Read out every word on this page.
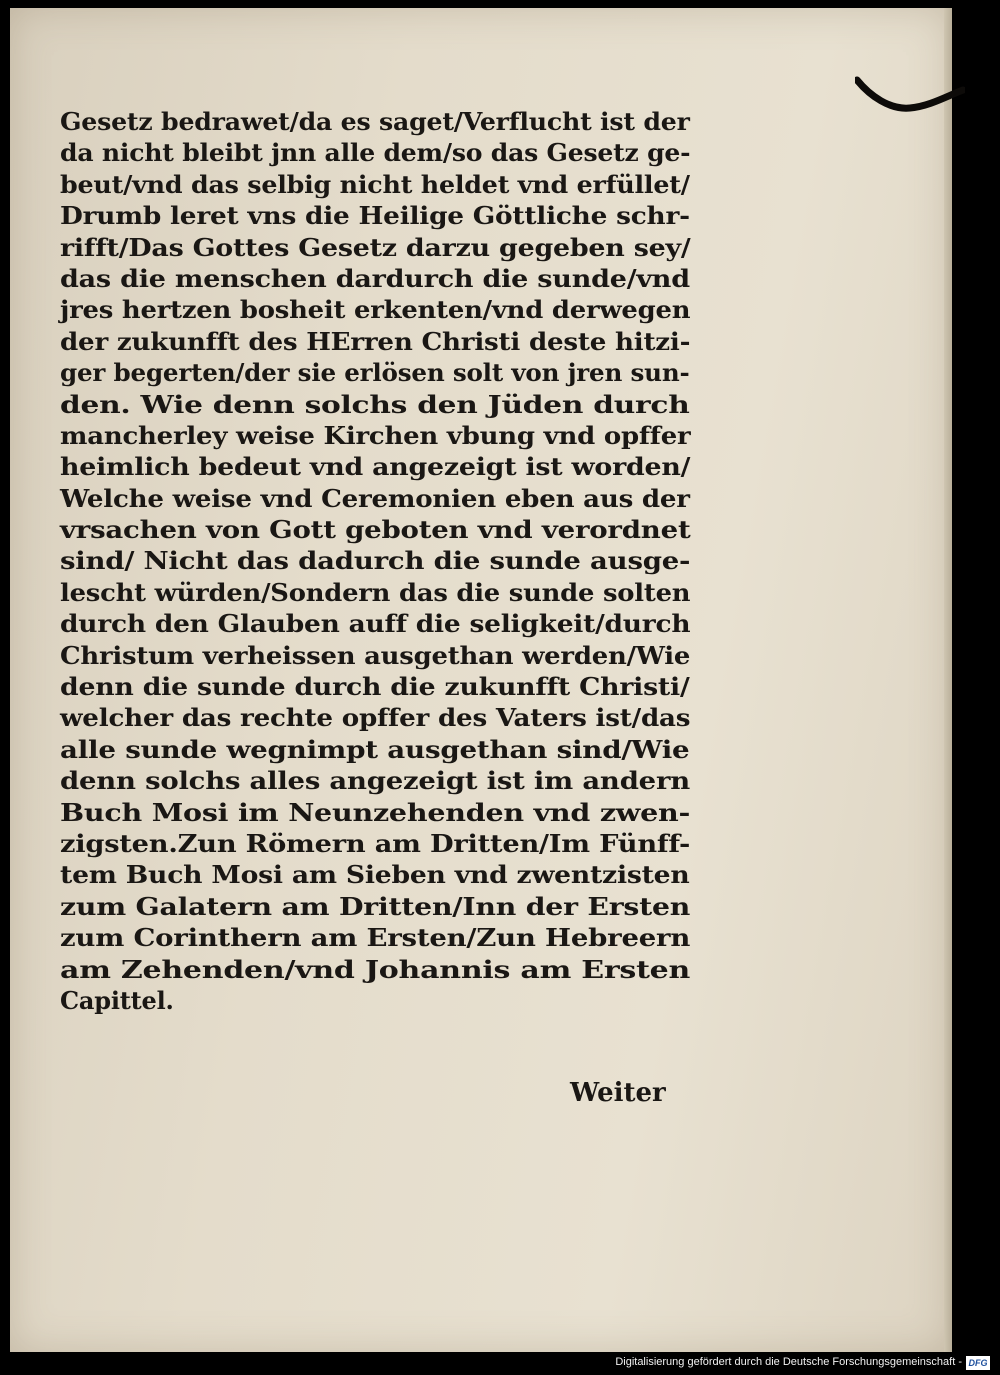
Gesetz bedrawet/da es saget/Verflucht ist der
da nicht bleibt jnn alle dem/so das Gesetz ge-
beut/vnd das selbig nicht heldet vnd erfüllet/
Drumb leret vns die Heilige Göttliche schr-
rifft/Das Gottes Gesetz darzu gegeben sey/
das die menschen dardurch die sunde/vnd
jres hertzen bosheit erkenten/vnd derwegen
der zukunfft des HErren Christi deste hitzi-
ger begerten/der sie erlösen solt von jren sun-
den. Wie denn solchs den Jüden durch
mancherley weise Kirchen vbung vnd opffer
heimlich bedeut vnd angezeigt ist worden/
Welche weise vnd Ceremonien eben aus der
vrsachen von Gott geboten vnd verordnet
sind/ Nicht das dadurch die sunde ausge-
lescht würden/Sondern das die sunde solten
durch den Glauben auff die seligkeit/durch
Christum verheissen ausgethan werden/Wie
denn die sunde durch die zukunfft Christi/
welcher das rechte opffer des Vaters ist/das
alle sunde wegnimpt ausgethan sind/Wie
denn solchs alles angezeigt ist im andern
Buch Mosi im Neunzehenden vnd zwen-
zigsten.Zun Römern am Dritten/Im Fünff-
tem Buch Mosi am Sieben vnd zwentzisten
zum Galatern am Dritten/Inn der Ersten
zum Corinthern am Ersten/Zun Hebreern
am Zehenden/vnd Johannis am Ersten
Capittel.
Weiter
Digitalisierung gefördert durch die Deutsche Forschungsgemeinschaft - DFG
